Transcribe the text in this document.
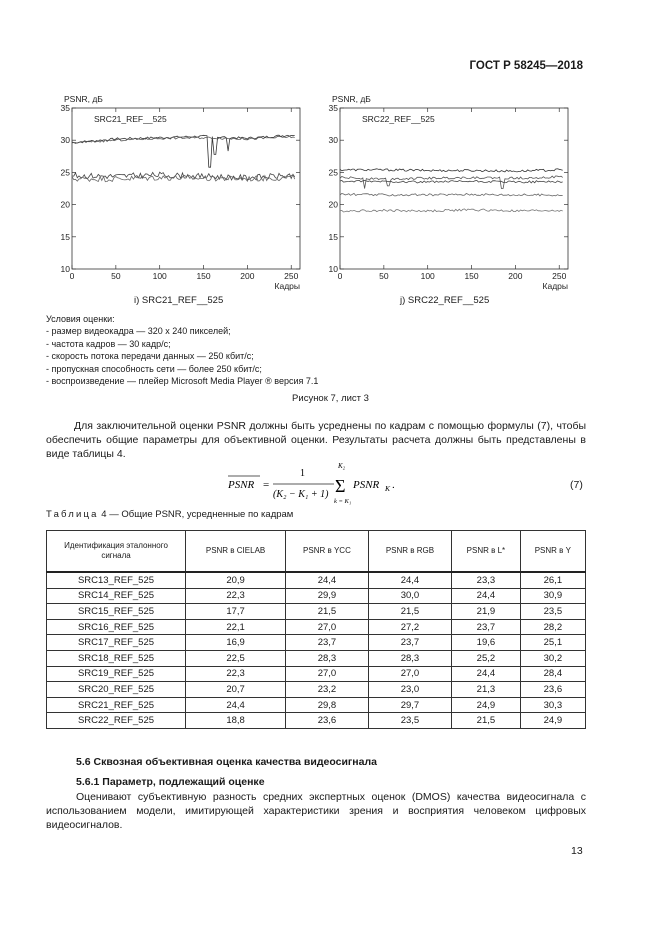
ГОСТ Р 58245—2018
35
30
25
20
15
10
0	50	100	150	200	250
PSNR, дБ
Кадры
SRC21_REF__525
i) SRC21_REF__525
35
30
25
20
15
10
0	50	100	150	200	250
PSNR, дБ
Кадры
SRC22_REF__525
j) SRC22_REF__525
Условия оценки:
- размер видеокадра — 320 x 240 пикселей;
- частота кадров — 30 кадр/с;
- скорость потока передачи данных — 250 кбит/с;
- пропускная способность сети — более 250 кбит/с;
- воспроизведение — плейер Microsoft Media Player ® версия 7.1
Рисунок 7, лист 3
Для заключительной оценки PSNR должны быть усреднены по кадрам с помощью формулы (7), чтобы обеспечить общие параметры для объективной оценки. Результаты расчета должны быть представлены в виде таблицы 4.
PSNR =
1
(K₂ − K₁ + 1)
K₂
Σ
k = K₁
PSNR K .	(7)
Таблица 4 — Общие PSNR, усредненные по кадрам
Идентификация эталонного сигнала	PSNR в CIELAB	PSNR в YCC	PSNR в RGB	PSNR в L*	PSNR в Y
SRC13_REF_525	20,9	24,4	24,4	23,3	26,1
SRC14_REF_525	22,3	29,9	30,0	24,4	30,9
SRC15_REF_525	17,7	21,5	21,5	21,9	23,5
SRC16_REF_525	22,1	27,0	27,2	23,7	28,2
SRC17_REF_525	16,9	23,7	23,7	19,6	25,1
SRC18_REF_525	22,5	28,3	28,3	25,2	30,2
SRC19_REF_525	22,3	27,0	27,0	24,4	28,4
SRC20_REF_525	20,7	23,2	23,0	21,3	23,6
SRC21_REF_525	24,4	29,8	29,7	24,9	30,3
SRC22_REF_525	18,8	23,6	23,5	21,5	24,9
5.6 Сквозная объективная оценка качества видеосигнала
5.6.1 Параметр, подлежащий оценке
Оценивают субъективную разность средних экспертных оценок (DMOS) качества видеосигнала с использованием модели, имитирующей характеристики зрения и восприятия человеком цифровых видеосигналов.
13
